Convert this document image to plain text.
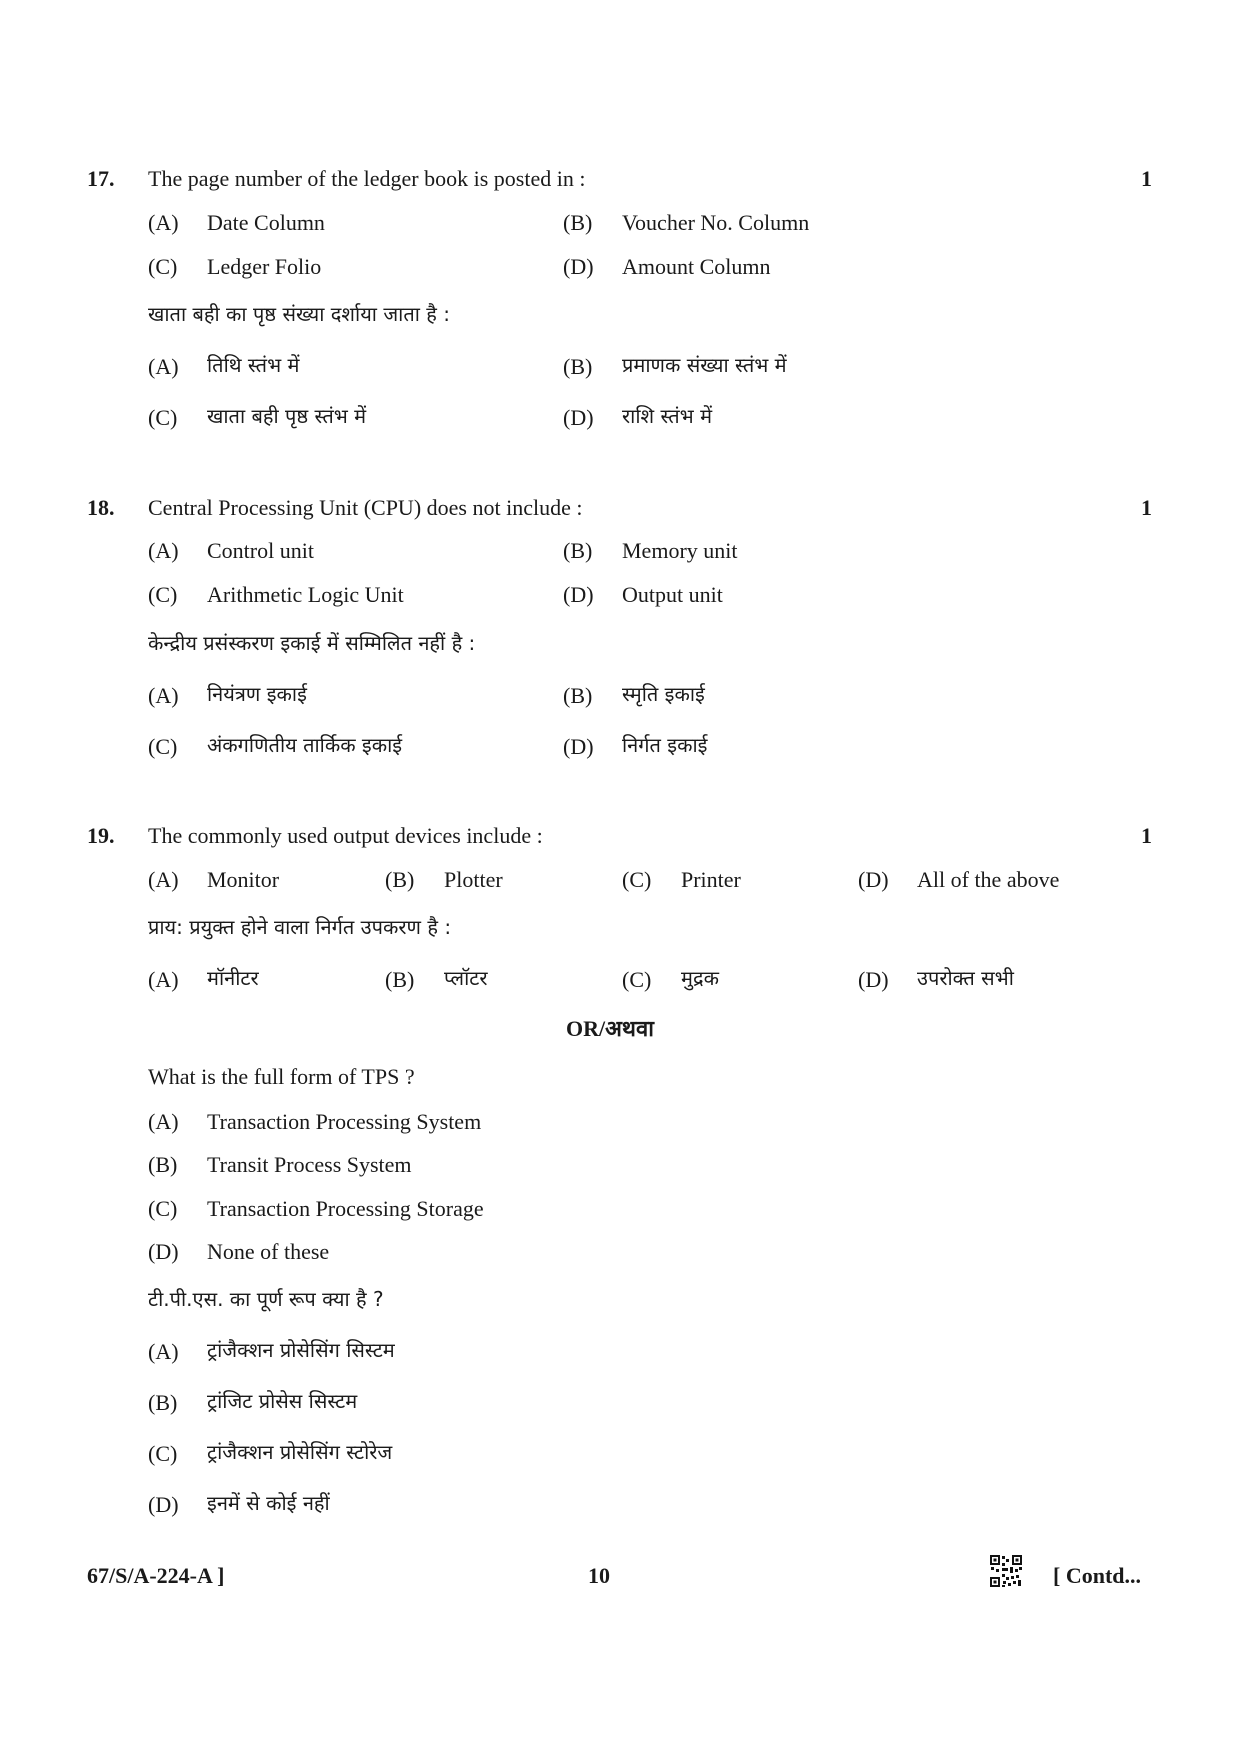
17. The page number of the ledger book is posted in :	1
(A) Date Column	(B) Voucher No. Column
(C) Ledger Folio	(D) Amount Column
खाता बही का पृष्ठ संख्या दर्शाया जाता है :
(A) तिथि स्तंभ में	(B) प्रमाणक संख्या स्तंभ में
(C) खाता बही पृष्ठ स्तंभ में	(D) राशि स्तंभ में
18. Central Processing Unit (CPU) does not include :	1
(A) Control unit	(B) Memory unit
(C) Arithmetic Logic Unit	(D) Output unit
केन्द्रीय प्रसंस्करण इकाई में सम्मिलित नहीं है :
(A) नियंत्रण इकाई	(B) स्मृति इकाई
(C) अंकगणितीय तार्किक इकाई	(D) निर्गत इकाई
19. The commonly used output devices include :	1
(A) Monitor	(B) Plotter	(C) Printer	(D) All of the above
प्राय: प्रयुक्त होने वाला निर्गत उपकरण है :
(A) मॉनीटर	(B) प्लॉटर	(C) मुद्रक	(D) उपरोक्त सभी
OR/अथवा
What is the full form of TPS ?
(A) Transaction Processing System
(B) Transit Process System
(C) Transaction Processing Storage
(D) None of these
टी.पी.एस. का पूर्ण रूप क्या है ?
(A) ट्रांजैक्शन प्रोसेसिंग सिस्टम
(B) ट्रांजिट प्रोसेस सिस्टम
(C) ट्रांजैक्शन प्रोसेसिंग स्टोरेज
(D) इनमें से कोई नहीं
67/S/A-224-A ]	10	[ Contd...
